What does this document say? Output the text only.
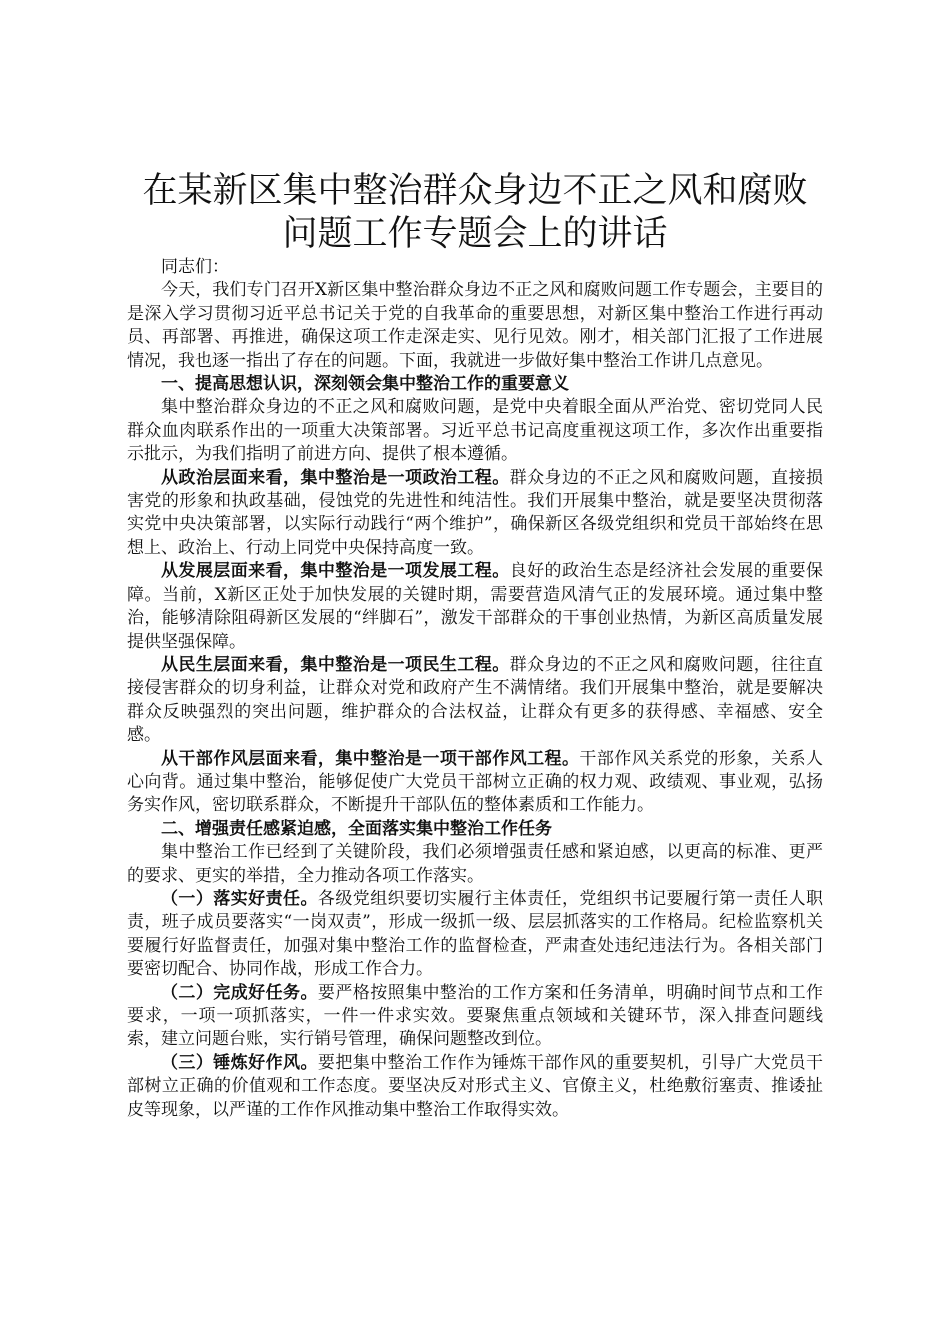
在某新区集中整治群众身边不正之风和腐败问题工作专题会上的讲话

同志们：

今天，我们专门召开X新区集中整治群众身边不正之风和腐败问题工作专题会，主要目的是深入学习贯彻习近平总书记关于党的自我革命的重要思想，对新区集中整治工作进行再动员、再部署、再推进，确保这项工作走深走实、见行见效。刚才，相关部门汇报了工作进展情况，我也逐一指出了存在的问题。下面，我就进一步做好集中整治工作讲几点意见。

一、提高思想认识，深刻领会集中整治工作的重要意义

集中整治群众身边的不正之风和腐败问题，是党中央着眼全面从严治党、密切党同人民群众血肉联系作出的一项重大决策部署。习近平总书记高度重视这项工作，多次作出重要指示批示，为我们指明了前进方向、提供了根本遵循。

从政治层面来看，集中整治是一项政治工程。群众身边的不正之风和腐败问题，直接损害党的形象和执政基础，侵蚀党的先进性和纯洁性。我们开展集中整治，就是要坚决贯彻落实党中央决策部署，以实际行动践行“两个维护”，确保新区各级党组织和党员干部始终在思想上、政治上、行动上同党中央保持高度一致。

从发展层面来看，集中整治是一项发展工程。良好的政治生态是经济社会发展的重要保障。当前，X新区正处于加快发展的关键时期，需要营造风清气正的发展环境。通过集中整治，能够清除阻碍新区发展的“绊脚石”，激发干部群众的干事创业热情，为新区高质量发展提供坚强保障。

从民生层面来看，集中整治是一项民生工程。群众身边的不正之风和腐败问题，往往直接侵害群众的切身利益，让群众对党和政府产生不满情绪。我们开展集中整治，就是要解决群众反映强烈的突出问题，维护群众的合法权益，让群众有更多的获得感、幸福感、安全感。

从干部作风层面来看，集中整治是一项干部作风工程。干部作风关系党的形象，关系人心向背。通过集中整治，能够促使广大党员干部树立正确的权力观、政绩观、事业观，弘扬务实作风，密切联系群众，不断提升干部队伍的整体素质和工作能力。

二、增强责任感紧迫感，全面落实集中整治工作任务

集中整治工作已经到了关键阶段，我们必须增强责任感和紧迫感，以更高的标准、更严的要求、更实的举措，全力推动各项工作落实。

（一）落实好责任。各级党组织要切实履行主体责任，党组织书记要履行第一责任人职责，班子成员要落实“一岗双责”，形成一级抓一级、层层抓落实的工作格局。纪检监察机关要履行好监督责任，加强对集中整治工作的监督检查，严肃查处违纪违法行为。各相关部门要密切配合、协同作战，形成工作合力。

（二）完成好任务。要严格按照集中整治的工作方案和任务清单，明确时间节点和工作要求，一项一项抓落实，一件一件求实效。要聚焦重点领域和关键环节，深入排查问题线索，建立问题台账，实行销号管理，确保问题整改到位。

（三）锤炼好作风。要把集中整治工作作为锤炼干部作风的重要契机，引导广大党员干部树立正确的价值观和工作态度。要坚决反对形式主义、官僚主义，杜绝敷衍塞责、推诿扯皮等现象，以严谨的工作作风推动集中整治工作取得实效。
